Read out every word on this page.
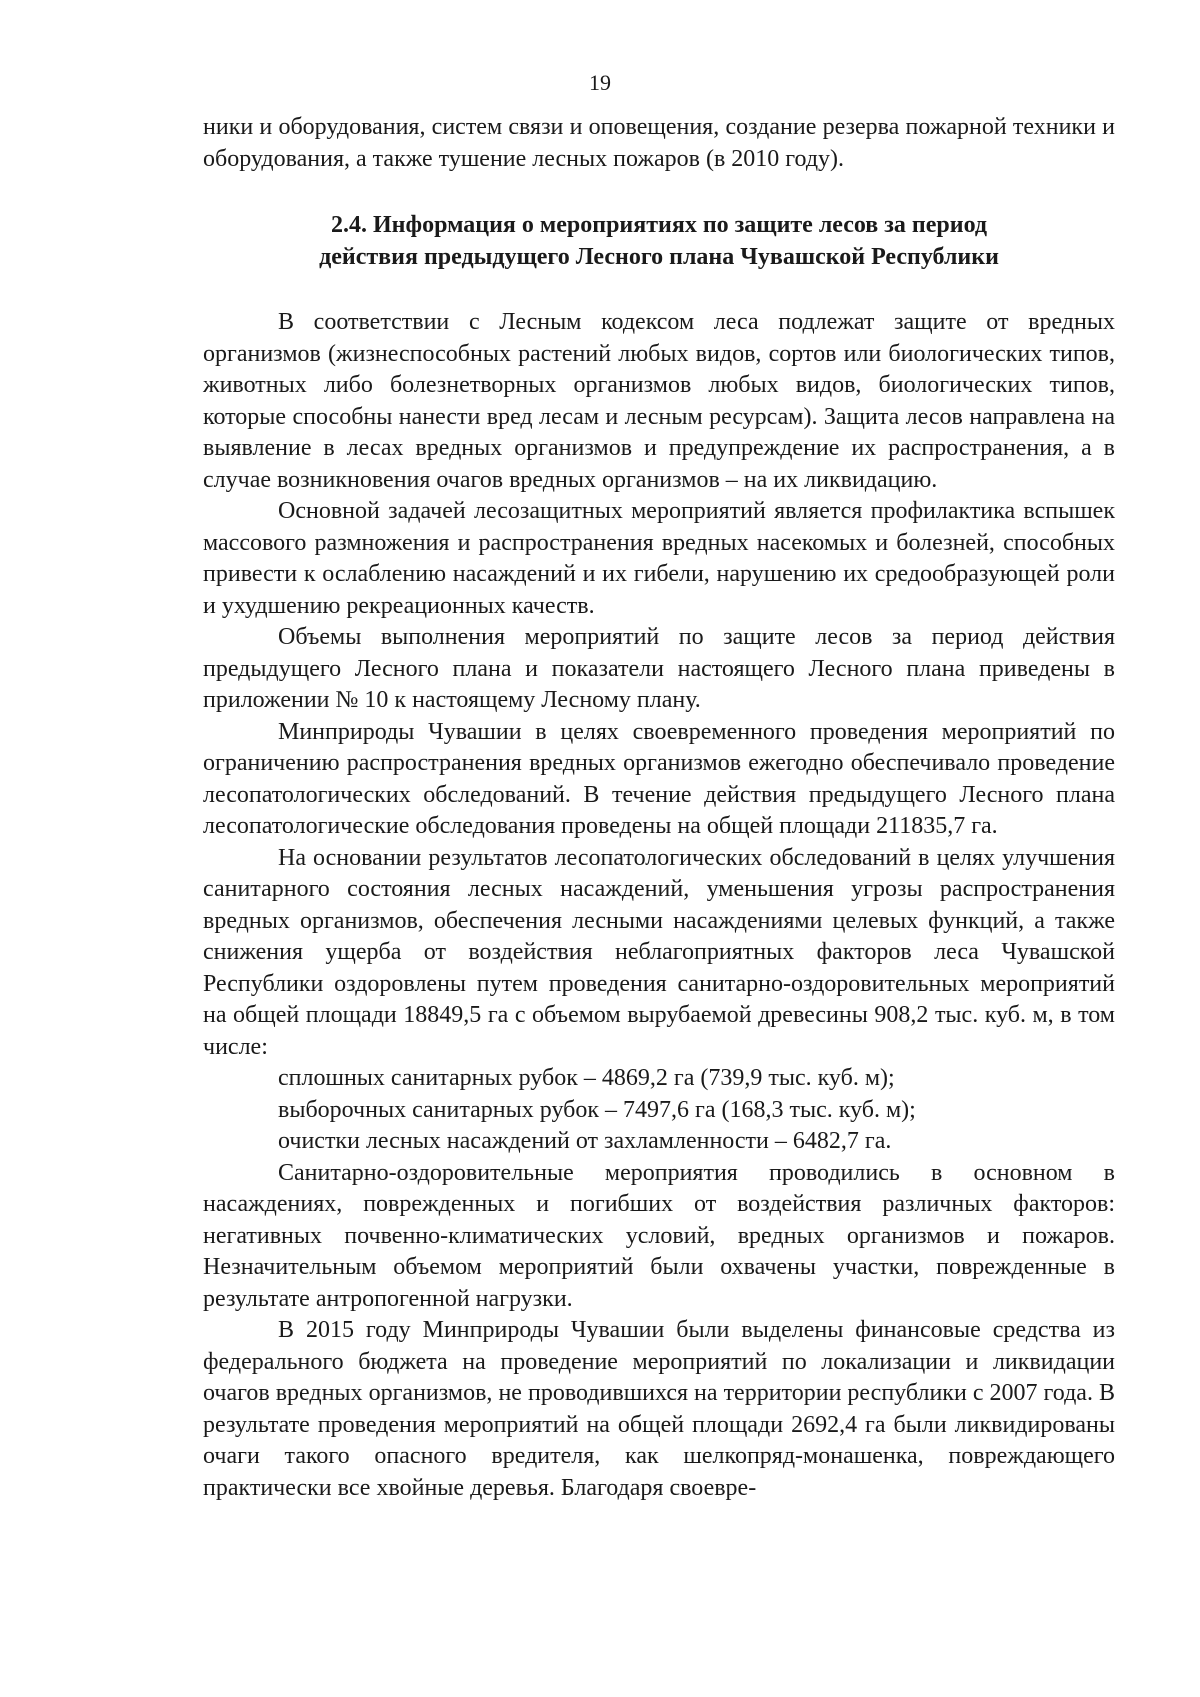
19

ники и оборудования, систем связи и оповещения, создание резерва пожарной техники и оборудования, а также тушение лесных пожаров (в 2010 году).

2.4. Информация о мероприятиях по защите лесов за период
действия предыдущего Лесного плана Чувашской Республики

В соответствии с Лесным кодексом леса подлежат защите от вредных организмов (жизнеспособных растений любых видов, сортов или биологических типов, животных либо болезнетворных организмов любых видов, биологических типов, которые способны нанести вред лесам и лесным ресурсам). Защита лесов направлена на выявление в лесах вредных организмов и предупреждение их распространения, а в случае возникновения очагов вредных организмов – на их ликвидацию.

Основной задачей лесозащитных мероприятий является профилактика вспышек массового размножения и распространения вредных насекомых и болезней, способных привести к ослаблению насаждений и их гибели, нарушению их средообразующей роли и ухудшению рекреационных качеств.

Объемы выполнения мероприятий по защите лесов за период действия предыдущего Лесного плана и показатели настоящего Лесного плана приведены в приложении № 10 к настоящему Лесному плану.

Минприроды Чувашии в целях своевременного проведения мероприятий по ограничению распространения вредных организмов ежегодно обеспечивало проведение лесопатологических обследований. В течение действия предыдущего Лесного плана лесопатологические обследования проведены на общей площади 211835,7 га.

На основании результатов лесопатологических обследований в целях улучшения санитарного состояния лесных насаждений, уменьшения угрозы распространения вредных организмов, обеспечения лесными насаждениями целевых функций, а также снижения ущерба от воздействия неблагоприятных факторов леса Чувашской Республики оздоровлены путем проведения санитарно-оздоровительных мероприятий на общей площади 18849,5 га с объемом вырубаемой древесины 908,2 тыс. куб. м, в том числе:

сплошных санитарных рубок – 4869,2 га (739,9 тыс. куб. м);

выборочных санитарных рубок – 7497,6 га (168,3 тыс. куб. м);

очистки лесных насаждений от захламленности – 6482,7 га.

Санитарно-оздоровительные мероприятия проводились в основном в насаждениях, поврежденных и погибших от воздействия различных факторов: негативных почвенно-климатических условий, вредных организмов и пожаров. Незначительным объемом мероприятий были охвачены участки, поврежденные в результате антропогенной нагрузки.

В 2015 году Минприроды Чувашии были выделены финансовые средства из федерального бюджета на проведение мероприятий по локализации и ликвидации очагов вредных организмов, не проводившихся на территории республики с 2007 года. В результате проведения мероприятий на общей площади 2692,4 га были ликвидированы очаги такого опасного вредителя, как шелкопряд-монашенка, повреждающего практически все хвойные деревья. Благодаря своевре-
